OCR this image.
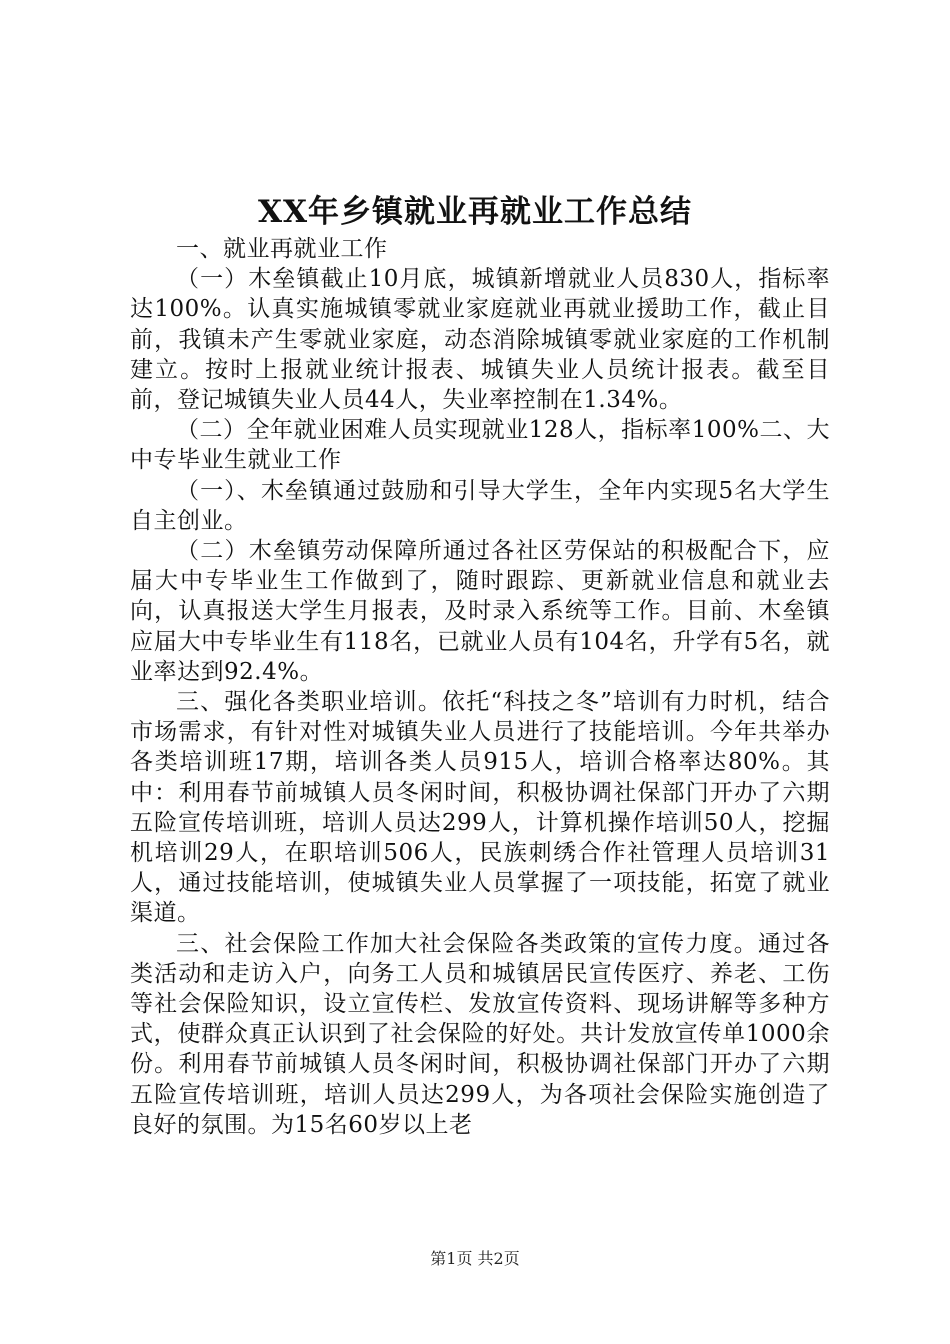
XX年乡镇就业再就业工作总结

一、就业再就业工作

（一）木垒镇截止10月底，城镇新增就业人员830人，指标率达100%。认真实施城镇零就业家庭就业再就业援助工作，截止目前，我镇未产生零就业家庭，动态消除城镇零就业家庭的工作机制建立。按时上报就业统计报表、城镇失业人员统计报表。截至目前，登记城镇失业人员44人，失业率控制在1.34%。

（二）全年就业困难人员实现就业128人，指标率100%二、大中专毕业生就业工作

（一）、木垒镇通过鼓励和引导大学生，全年内实现5名大学生自主创业。

（二）木垒镇劳动保障所通过各社区劳保站的积极配合下，应届大中专毕业生工作做到了，随时跟踪、更新就业信息和就业去向，认真报送大学生月报表，及时录入系统等工作。目前、木垒镇应届大中专毕业生有118名，已就业人员有104名，升学有5名，就业率达到92.4%。

三、强化各类职业培训。依托“科技之冬”培训有力时机，结合市场需求，有针对性对城镇失业人员进行了技能培训。今年共举办各类培训班17期，培训各类人员915人，培训合格率达80%。其中：利用春节前城镇人员冬闲时间，积极协调社保部门开办了六期五险宣传培训班，培训人员达299人，计算机操作培训50人，挖掘机培训29人，在职培训506人，民族刺绣合作社管理人员培训31人，通过技能培训，使城镇失业人员掌握了一项技能，拓宽了就业渠道。

三、社会保险工作加大社会保险各类政策的宣传力度。通过各类活动和走访入户，向务工人员和城镇居民宣传医疗、养老、工伤等社会保险知识，设立宣传栏、发放宣传资料、现场讲解等多种方式，使群众真正认识到了社会保险的好处。共计发放宣传单1000余份。利用春节前城镇人员冬闲时间，积极协调社保部门开办了六期五险宣传培训班，培训人员达299人，为各项社会保险实施创造了良好的氛围。为15名60岁以上老

第1页 共2页
